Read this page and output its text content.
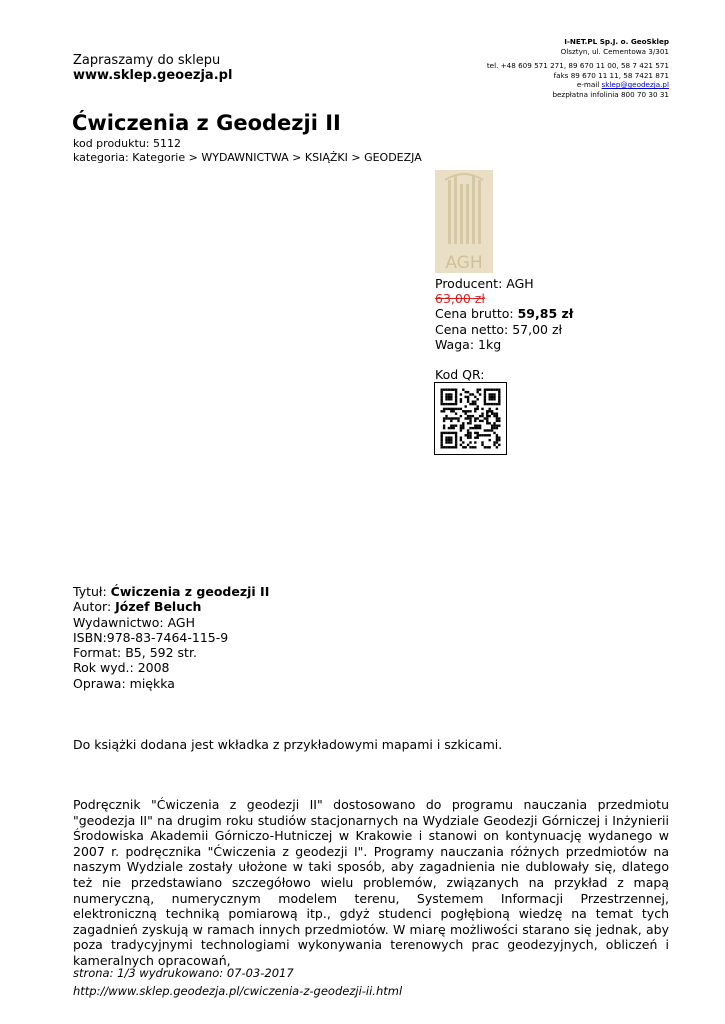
Zapraszamy do sklepu
www.sklep.geoezja.pl
I-NET.PL Sp.J. o. GeoSklep
Olsztyn, ul. Cementowa 3/301
tel. +48 609 571 271, 89 670 11 00, 58 7 421 571
faks 89 670 11 11, 58 7421 871
e-mail sklep@geodezja.pl
bezpłatna infolinia 800 70 30 31
Ćwiczenia z Geodezji II
kod produktu: 5112
kategoria: Kategorie > WYDAWNICTWA > KSIĄŻKI > GEODEZJA
AGH
Producent: AGH
63,00 zł
Cena brutto: 59,85 zł
Cena netto: 57,00 zł
Waga: 1kg
Kod QR:
Tytuł: Ćwiczenia z geodezji II
Autor: Józef Beluch
Wydawnictwo: AGH
ISBN:978-83-7464-115-9
Format: B5, 592 str.
Rok wyd.: 2008
Oprawa: miękka
Do książki dodana jest wkładka z przykładowymi mapami i szkicami.
Podręcznik "Ćwiczenia z geodezji II" dostosowano do programu nauczania przedmiotu "geodezja II" na drugim roku studiów stacjonarnych na Wydziale Geodezji Górniczej i Inżynierii Środowiska Akademii Górniczo-Hutniczej w Krakowie i stanowi on kontynuację wydanego w 2007 r. podręcznika "Ćwiczenia z geodezji I". Programy nauczania różnych przedmiotów na naszym Wydziale zostały ułożone w taki sposób, aby zagadnienia nie dublowały się, dlatego też nie przedstawiano szczegółowo wielu problemów, związanych na przykład z mapą numeryczną, numerycznym modelem terenu, Systemem Informacji Przestrzennej, elektroniczną techniką pomiarową itp., gdyż studenci pogłębioną wiedzę na temat tych zagadnień zyskują w ramach innych przedmiotów. W miarę możliwości starano się jednak, aby poza tradycyjnymi technologiami wykonywania terenowych prac geodezyjnych, obliczeń i kameralnych opracowań,
strona: 1/3 wydrukowano: 07-03-2017
http://www.sklep.geodezja.pl/cwiczenia-z-geodezji-ii.html
